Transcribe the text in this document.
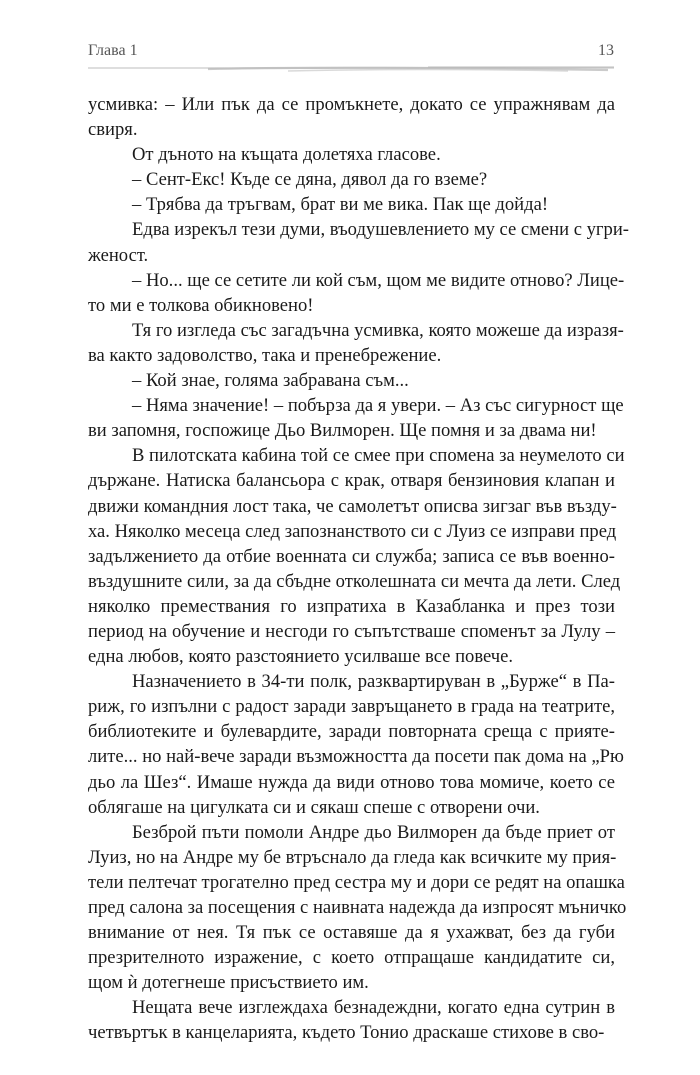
Глава 1	13
усмивка: – Или пък да се промъкнете, докато се упражнявам да
свиря.
От дъното на къщата долетяха гласове.
– Сент-Екс! Къде се дяна, дявол да го вземе?
– Трябва да тръгвам, брат ви ме вика. Пак ще дойда!
Едва изрекъл тези думи, въодушевлението му се смени с угри-
женост.
– Но... ще се сетите ли кой съм, щом ме видите отново? Лице-
то ми е толкова обикновено!
Тя го изгледа със загадъчна усмивка, която можеше да изразя-
ва както задоволство, така и пренебрежение.
– Кой знае, голяма забравана съм...
– Няма значение! – побърза да я увери. – Аз със сигурност ще
ви запомня, госпожице Дьо Вилморен. Ще помня и за двама ни!
В пилотската кабина той се смее при спомена за неумелото си
държане. Натиска балансьора с крак, отваря бензиновия клапан и
движи командния лост така, че самолетът описва зигзаг във възду-
ха. Няколко месеца след запознанството си с Луиз се изправи пред
задължението да отбие военната си служба; записа се във военно-
въздушните сили, за да сбъдне отколешната си мечта да лети. След
няколко премествания го изпратиха в Казабланка и през този
период на обучение и несгоди го съпътстваше споменът за Лулу –
една любов, която разстоянието усилваше все повече.
Назначението в 34-ти полк, разквартируван в „Бурже“ в Па-
риж, го изпълни с радост заради завръщането в града на театрите,
библиотеките и булевардите, заради повторната среща с прияте-
лите... но най-вече заради възможността да посети пак дома на „Рю
дьо ла Шез“. Имаше нужда да види отново това момиче, което се
облягаше на цигулката си и сякаш спеше с отворени очи.
Безброй пъти помоли Андре дьо Вилморен да бъде приет от
Луиз, но на Андре му бе втръснало да гледа как всичките му прия-
тели пелтечат трогателно пред сестра му и дори се редят на опашка
пред салона за посещения с наивната надежда да изпросят мъничко
внимание от нея. Тя пък се оставяше да я ухажват, без да губи
презрителното изражение, с което отпращаше кандидатите си,
щом ѝ дотегнеше присъствието им.
Нещата вече изглеждаха безнадеждни, когато една сутрин в
четвъртък в канцеларията, където Тонио драскаше стихове в сво-
